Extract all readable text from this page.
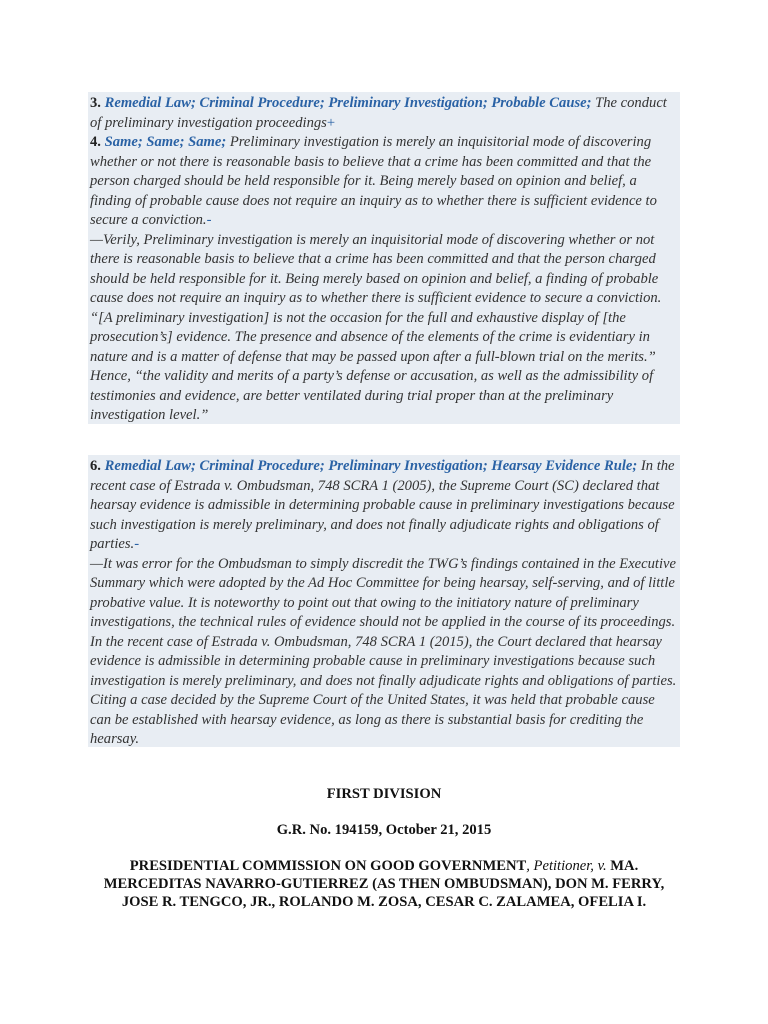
3. Remedial Law; Criminal Procedure; Preliminary Investigation; Probable Cause; The conduct of preliminary investigation proceedings+

4. Same; Same; Same; Preliminary investigation is merely an inquisitorial mode of discovering whether or not there is reasonable basis to believe that a crime has been committed and that the person charged should be held responsible for it. Being merely based on opinion and belief, a finding of probable cause does not require an inquiry as to whether there is sufficient evidence to secure a conviction.-

—Verily, Preliminary investigation is merely an inquisitorial mode of discovering whether or not there is reasonable basis to believe that a crime has been committed and that the person charged should be held responsible for it. Being merely based on opinion and belief, a finding of probable cause does not require an inquiry as to whether there is sufficient evidence to secure a conviction. “[A preliminary investigation] is not the occasion for the full and exhaustive display of [the prosecution’s] evidence. The presence and absence of the elements of the crime is evidentiary in nature and is a matter of defense that may be passed upon after a full-blown trial on the merits.” Hence, “the validity and merits of a party’s defense or accusation, as well as the admissibility of testimonies and evidence, are better ventilated during trial proper than at the preliminary investigation level.”

6. Remedial Law; Criminal Procedure; Preliminary Investigation; Hearsay Evidence Rule; In the recent case of Estrada v. Ombudsman, 748 SCRA 1 (2005), the Supreme Court (SC) declared that hearsay evidence is admissible in determining probable cause in preliminary investigations because such investigation is merely preliminary, and does not finally adjudicate rights and obligations of parties.-

—It was error for the Ombudsman to simply discredit the TWG’s findings contained in the Executive Summary which were adopted by the Ad Hoc Committee for being hearsay, self-serving, and of little probative value. It is noteworthy to point out that owing to the initiatory nature of preliminary investigations, the technical rules of evidence should not be applied in the course of its proceedings. In the recent case of Estrada v. Ombudsman, 748 SCRA 1 (2015), the Court declared that hearsay evidence is admissible in determining probable cause in preliminary investigations because such investigation is merely preliminary, and does not finally adjudicate rights and obligations of parties. Citing a case decided by the Supreme Court of the United States, it was held that probable cause can be established with hearsay evidence, as long as there is substantial basis for crediting the hearsay.

FIRST DIVISION
G.R. No. 194159, October 21, 2015
PRESIDENTIAL COMMISSION ON GOOD GOVERNMENT, Petitioner, v. MA. MERCEDITAS NAVARRO-GUTIERREZ (AS THEN OMBUDSMAN), DON M. FERRY, JOSE R. TENGCO, JR., ROLANDO M. ZOSA, CESAR C. ZALAMEA, OFELIA I.
